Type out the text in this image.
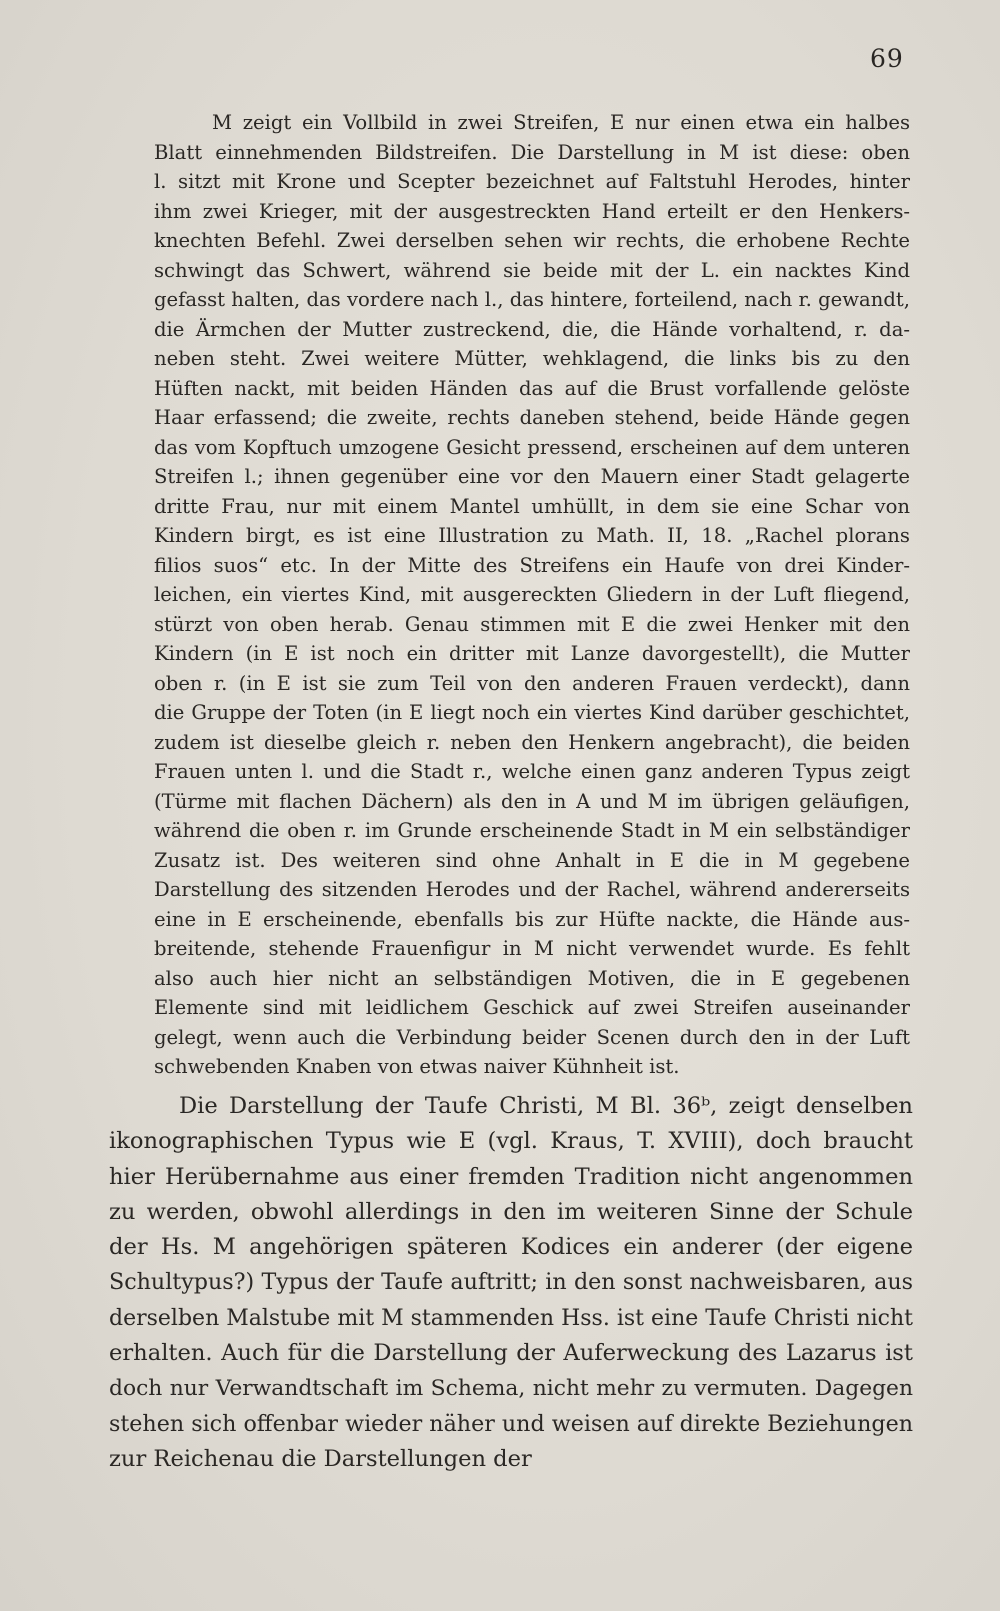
69
M zeigt ein Vollbild in zwei Streifen, E nur einen etwa ein halbes
Blatt einnehmenden Bildstreifen. Die Darstellung in M ist diese: oben
l. sitzt mit Krone und Scepter bezeichnet auf Faltstuhl Herodes, hinter
ihm zwei Krieger, mit der ausgestreckten Hand erteilt er den Henkers-
knechten Befehl. Zwei derselben sehen wir rechts, die erhobene Rechte
schwingt das Schwert, während sie beide mit der L. ein nacktes Kind
gefasst halten, das vordere nach l., das hintere, forteilend, nach r. gewandt,
die Ärmchen der Mutter zustreckend, die, die Hände vorhaltend, r. da-
neben steht. Zwei weitere Mütter, wehklagend, die links bis zu den
Hüften nackt, mit beiden Händen das auf die Brust vorfallende gelöste
Haar erfassend; die zweite, rechts daneben stehend, beide Hände gegen
das vom Kopftuch umzogene Gesicht pressend, erscheinen auf dem unteren
Streifen l.; ihnen gegenüber eine vor den Mauern einer Stadt gelagerte
dritte Frau, nur mit einem Mantel umhüllt, in dem sie eine Schar von
Kindern birgt, es ist eine Illustration zu Math. II, 18. „Rachel plorans
filios suos“ etc. In der Mitte des Streifens ein Haufe von drei Kinder-
leichen, ein viertes Kind, mit ausgereckten Gliedern in der Luft fliegend,
stürzt von oben herab. Genau stimmen mit E die zwei Henker mit den
Kindern (in E ist noch ein dritter mit Lanze davorgestellt), die Mutter
oben r. (in E ist sie zum Teil von den anderen Frauen verdeckt), dann
die Gruppe der Toten (in E liegt noch ein viertes Kind darüber geschichtet,
zudem ist dieselbe gleich r. neben den Henkern angebracht), die beiden
Frauen unten l. und die Stadt r., welche einen ganz anderen Typus zeigt
(Türme mit flachen Dächern) als den in A und M im übrigen geläufigen,
während die oben r. im Grunde erscheinende Stadt in M ein selbständiger
Zusatz ist. Des weiteren sind ohne Anhalt in E die in M gegebene
Darstellung des sitzenden Herodes und der Rachel, während andererseits
eine in E erscheinende, ebenfalls bis zur Hüfte nackte, die Hände aus-
breitende, stehende Frauenfigur in M nicht verwendet wurde. Es fehlt
also auch hier nicht an selbständigen Motiven, die in E gegebenen
Elemente sind mit leidlichem Geschick auf zwei Streifen auseinander
gelegt, wenn auch die Verbindung beider Scenen durch den in der Luft
schwebenden Knaben von etwas naiver Kühnheit ist.
Die Darstellung der Taufe Christi, M Bl. 36ᵇ, zeigt denselben
ikonographischen Typus wie E (vgl. Kraus, T. XVIII), doch braucht
hier Herübernahme aus einer fremden Tradition nicht angenommen
zu werden, obwohl allerdings in den im weiteren Sinne der Schule
der Hs. M angehörigen späteren Kodices ein anderer (der eigene
Schultypus?) Typus der Taufe auftritt; in den sonst nachweisbaren, aus
derselben Malstube mit M stammenden Hss. ist eine Taufe Christi nicht
erhalten. Auch für die Darstellung der Auferweckung des Lazarus ist
doch nur Verwandtschaft im Schema, nicht mehr zu vermuten. Dagegen
stehen sich offenbar wieder näher und weisen auf direkte Beziehungen
zur Reichenau die Darstellungen der
